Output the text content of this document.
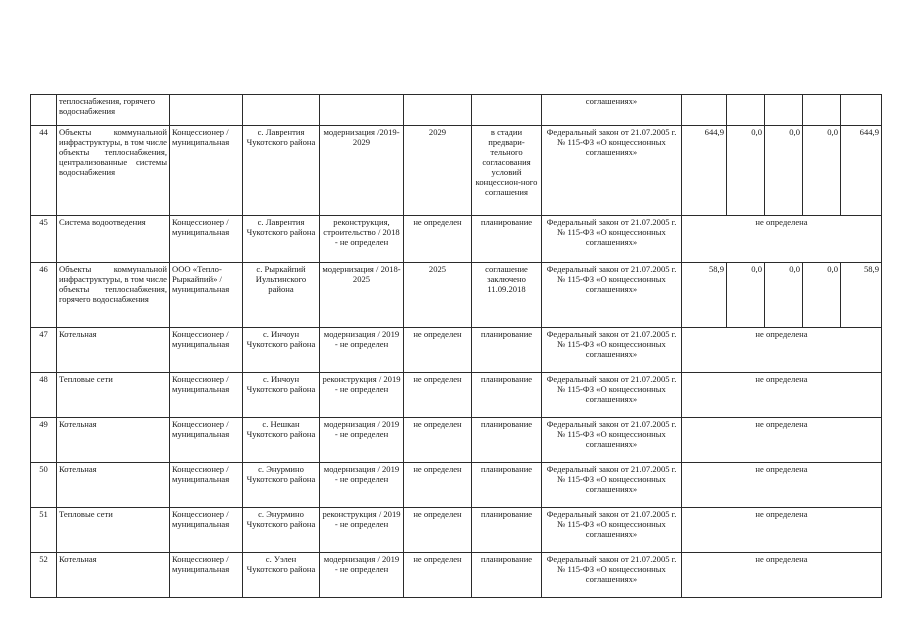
	теплоснабжения, горячего водоснабжения						соглашениях»					
44	Объекты коммунальной инфраструктуры, в том числе объекты теплоснабжения, централизованные системы водоснабжения	Концессионер / муниципальная	с. Лаврентия Чукотского района	модернизация /2019-2029	2029	в стадии предвари-тельного согласования условий концессион-ного соглашения	Федеральный закон от 21.07.2005 г. № 115-ФЗ «О концессионных соглашениях»	644,9	0,0	0,0	0,0	644,9
45	Система водоотведения	Концессионер / муниципальная	с. Лаврентия Чукотского района	реконструкция, строительство / 2018 - не определен	не определен	планирование	Федеральный закон от 21.07.2005 г. № 115-ФЗ «О концессионных соглашениях»	не определена				
46	Объекты коммунальной инфраструктуры, в том числе объекты теплоснабжения, горячего водоснабжения	ООО «Тепло-Рыркайпий» / муниципальная	с. Рыркайпий Иультинского района	модернизация / 2018-2025	2025	соглашение заключено 11.09.2018	Федеральный закон от 21.07.2005 г. № 115-ФЗ «О концессионных соглашениях»	58,9	0,0	0,0	0,0	58,9
47	Котельная	Концессионер / муниципальная	с. Инчоун Чукотского района	модернизация / 2019 - не определен	не определен	планирование	Федеральный закон от 21.07.2005 г. № 115-ФЗ «О концессионных соглашениях»	не определена				
48	Тепловые сети	Концессионер / муниципальная	с. Инчоун Чукотского района	реконструкция / 2019 - не определен	не определен	планирование	Федеральный закон от 21.07.2005 г. № 115-ФЗ «О концессионных соглашениях»	не определена				
49	Котельная	Концессионер / муниципальная	с. Нешкан Чукотского района	модернизация / 2019 - не определен	не определен	планирование	Федеральный закон от 21.07.2005 г. № 115-ФЗ «О концессионных соглашениях»	не определена				
50	Котельная	Концессионер / муниципальная	с. Энурмино Чукотского района	модернизация / 2019 - не определен	не определен	планирование	Федеральный закон от 21.07.2005 г. № 115-ФЗ «О концессионных соглашениях»	не определена				
51	Тепловые сети	Концессионер / муниципальная	с. Энурмино Чукотского района	реконструкция / 2019 - не определен	не определен	планирование	Федеральный закон от 21.07.2005 г. № 115-ФЗ «О концессионных соглашениях»	не определена				
52	Котельная	Концессионер / муниципальная	с. Уэлен Чукотского района	модернизация / 2019 - не определен	не определен	планирование	Федеральный закон от 21.07.2005 г. № 115-ФЗ «О концессионных соглашениях»	не определена				
